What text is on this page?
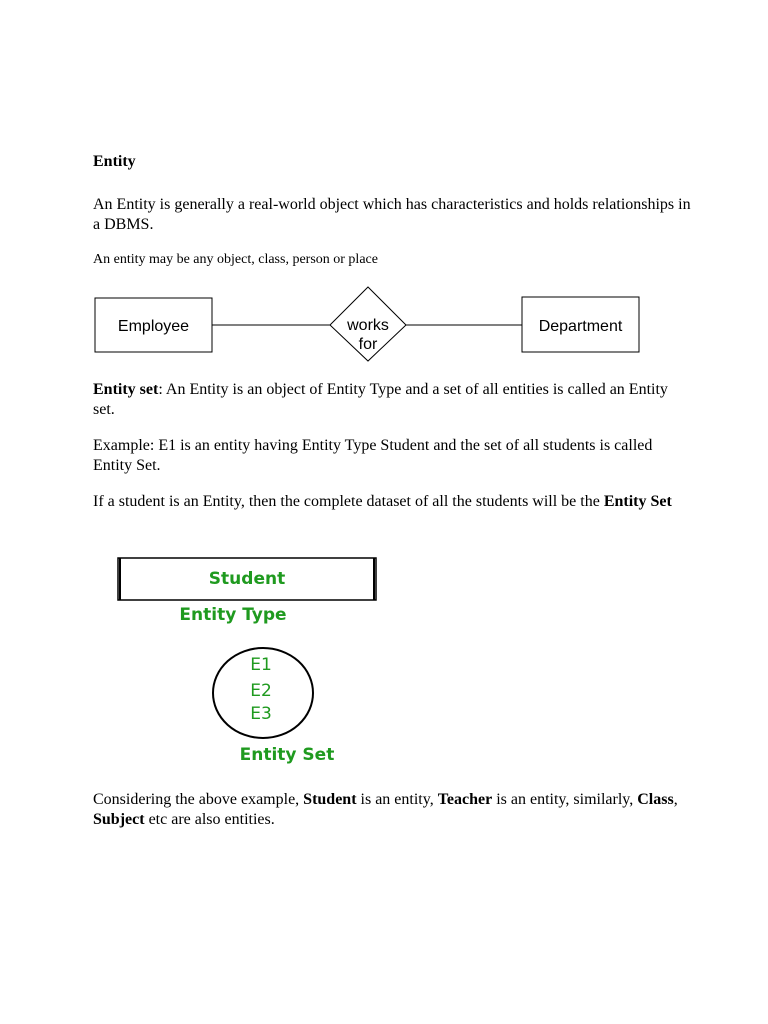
Entity
An Entity is generally a real-world object which has characteristics and holds relationships in a DBMS.
An entity may be any object, class, person or place
Employee	works
for
Department
Student
Entity Type
E1
E2
E3
Entity Set
Entity set: An Entity is an object of Entity Type and a set of all entities is called an Entity set.
Example: E1 is an entity having Entity Type Student and the set of all students is called Entity Set.
If a student is an Entity, then the complete dataset of all the students will be the Entity Set
Considering the above example, Student is an entity, Teacher is an entity, similarly, Class, Subject etc are also entities.
